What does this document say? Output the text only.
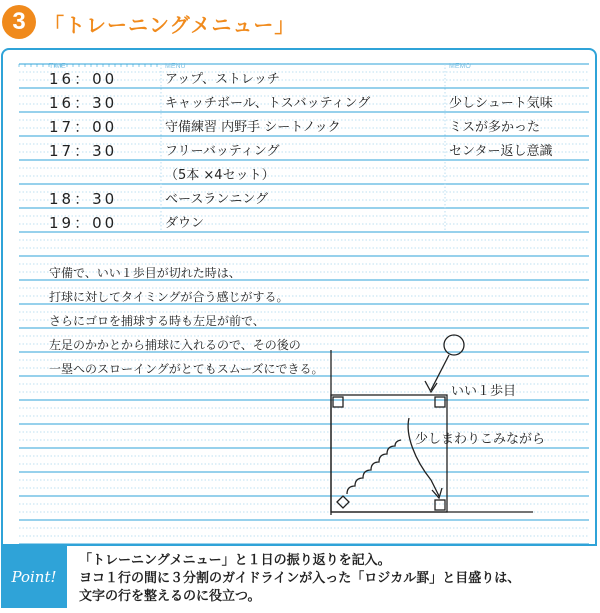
3 「トレーニングメニュー」
TIME	MENU	MEMO
16：00	アップ、ストレッチ
16：30	キャッチボール、トスバッティング	少しシュート気味
17：00	守備練習 内野手 シートノック	ミスが多かった
17：30	フリーバッティング	センター返し意識
（5本 ×4セット）
18：30	ベースランニング
19：00	ダウン
守備で、いい１歩目が切れた時は、
打球に対してタイミングが合う感じがする。
さらにゴロを捕球する時も左足が前で、
左足のかかとから捕球に入れるので、その後の
一塁へのスローイングがとてもスムーズにできる。
いい１歩目
少しまわりこみながら
Point!
「トレーニングメニュー」と１日の振り返りを記入。
ヨコ１行の間に３分割のガイドラインが入った「ロジカル罫」と目盛りは、
文字の行を整えるのに役立つ。
